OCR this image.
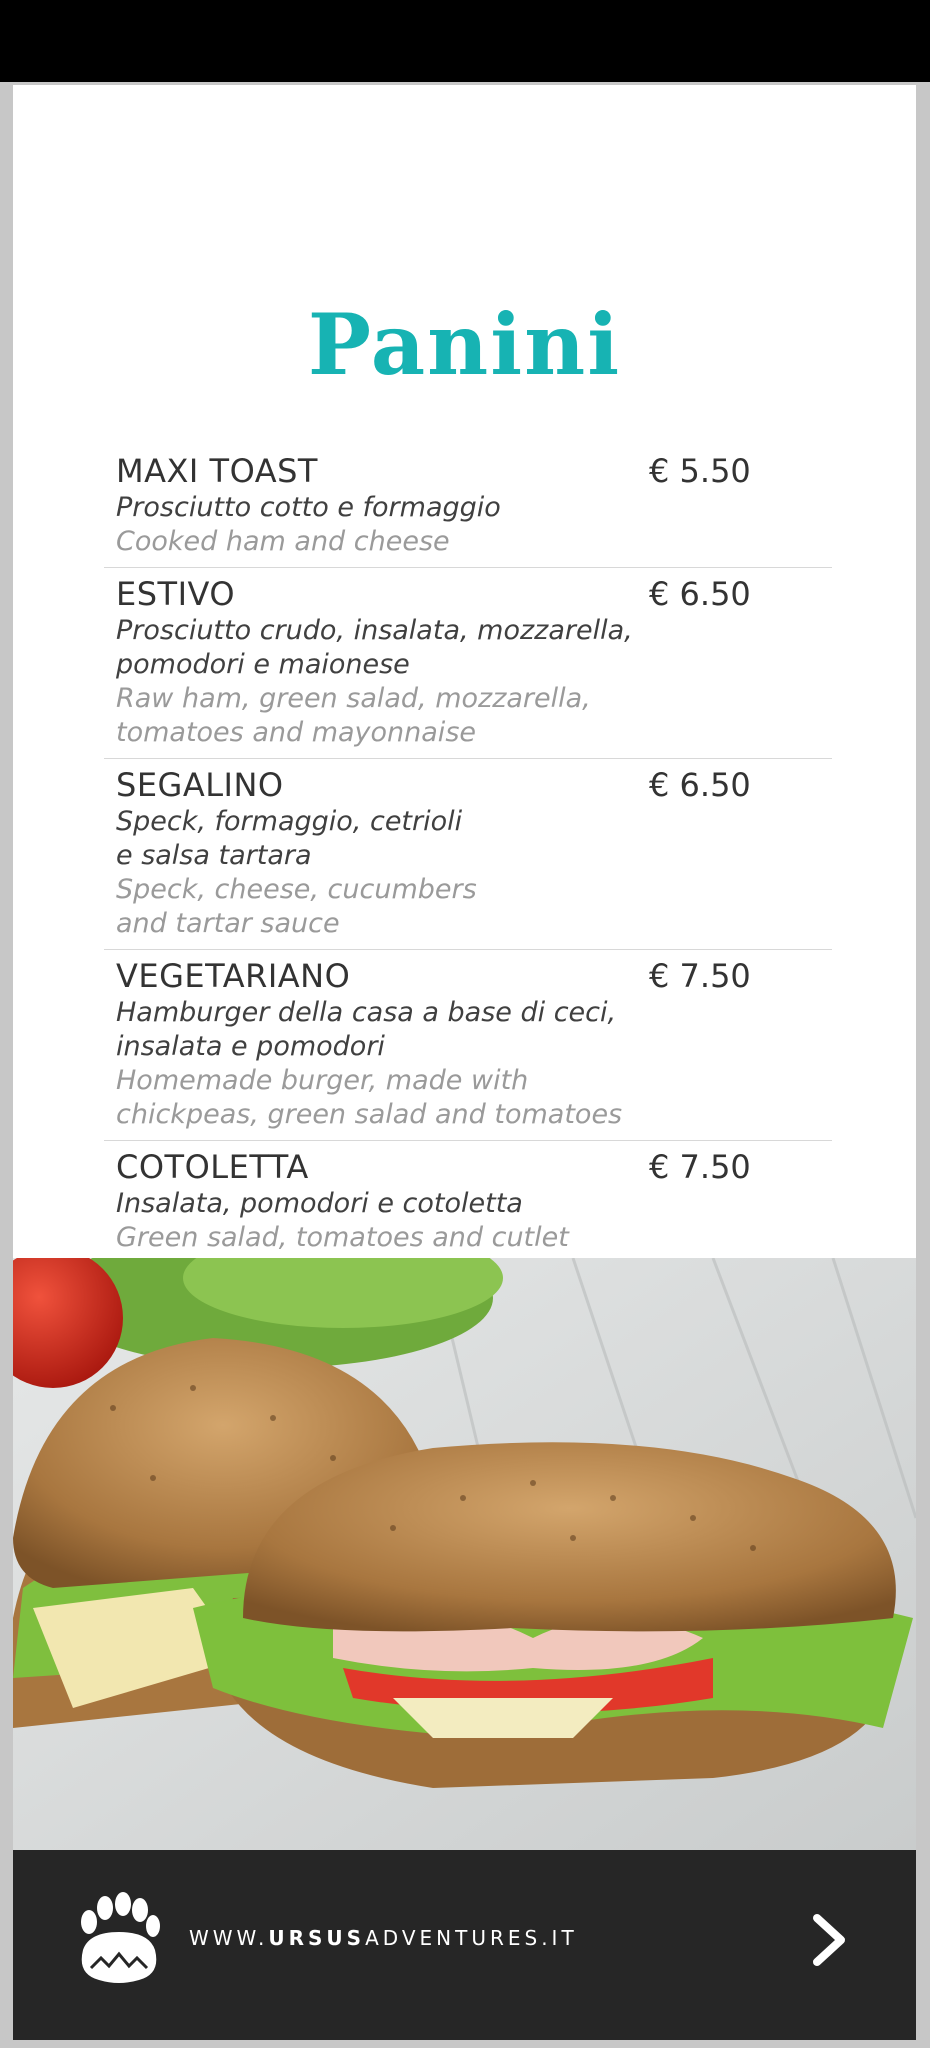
Panini
MAXI TOAST	€ 5.50
Prosciutto cotto e formaggio
Cooked ham and cheese
ESTIVO	€ 6.50
Prosciutto crudo, insalata, mozzarella,
pomodori e maionese
Raw ham, green salad, mozzarella,
tomatoes and mayonnaise
SEGALINO	€ 6.50
Speck, formaggio, cetrioli
e salsa tartara
Speck, cheese, cucumbers
and tartar sauce
VEGETARIANO	€ 7.50
Hamburger della casa a base di ceci,
insalata e pomodori
Homemade burger, made with
chickpeas, green salad and tomatoes
COTOLETTA	€ 7.50
Insalata, pomodori e cotoletta
Green salad, tomatoes and cutlet
WWW.URSUSADVENTURES.IT
